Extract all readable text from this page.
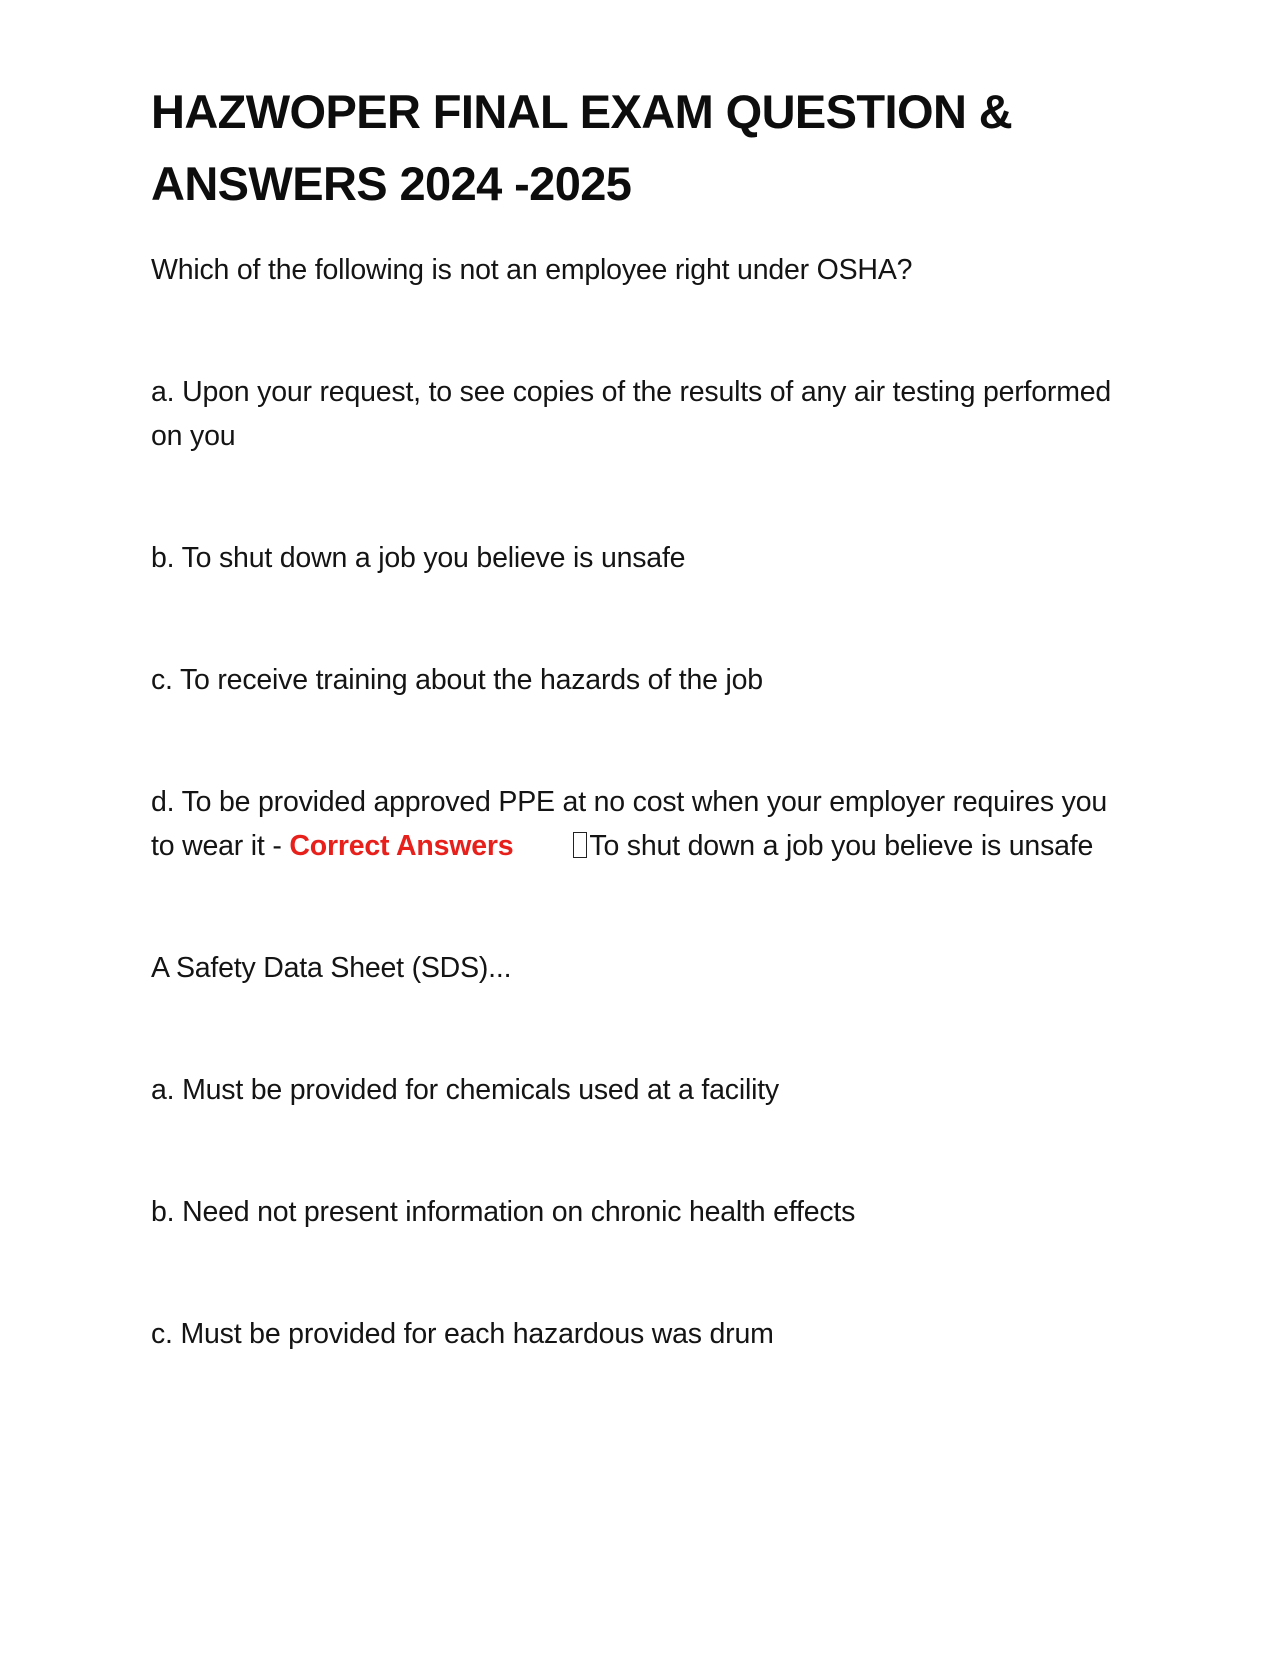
HAZWOPER FINAL EXAM QUESTION & ANSWERS 2024 -2025

Which of the following is not an employee right under OSHA?

a. Upon your request, to see copies of the results of any air testing performed on you

b. To shut down a job you believe is unsafe

c. To receive training about the hazards of the job

d. To be provided approved PPE at no cost when your employer requires you to wear it - Correct Answers	To shut down a job you believe is unsafe

A Safety Data Sheet (SDS)...

a. Must be provided for chemicals used at a facility

b. Need not present information on chronic health effects

c. Must be provided for each hazardous was drum
